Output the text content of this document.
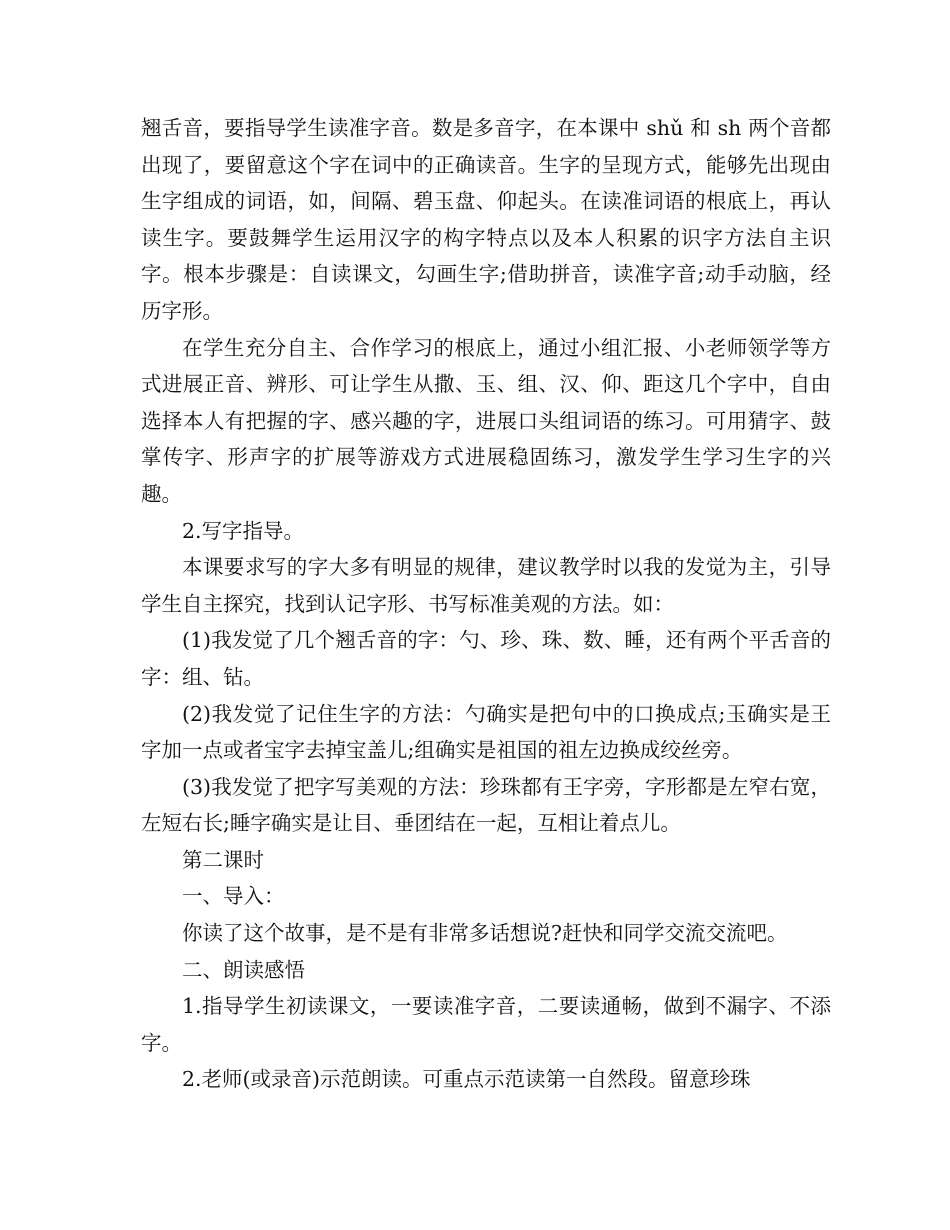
翘舌音，要指导学生读准字音。数是多音字，在本课中 shǔ 和 sh 两个音都出现了，要留意这个字在词中的正确读音。生字的呈现方式，能够先出现由生字组成的词语，如，间隔、碧玉盘、仰起头。在读准词语的根底上，再认读生字。要鼓舞学生运用汉字的构字特点以及本人积累的识字方法自主识字。根本步骤是：自读课文，勾画生字;借助拼音，读准字音;动手动脑，经历字形。

在学生充分自主、合作学习的根底上，通过小组汇报、小老师领学等方式进展正音、辨形、可让学生从撒、玉、组、汉、仰、距这几个字中，自由选择本人有把握的字、感兴趣的字，进展口头组词语的练习。可用猜字、鼓掌传字、形声字的扩展等游戏方式进展稳固练习，激发学生学习生字的兴趣。

2.写字指导。

本课要求写的字大多有明显的规律，建议教学时以我的发觉为主，引导学生自主探究，找到认记字形、书写标准美观的方法。如：

(1)我发觉了几个翘舌音的字：勺、珍、珠、数、睡，还有两个平舌音的字：组、钻。

(2)我发觉了记住生字的方法：勺确实是把句中的口换成点;玉确实是王字加一点或者宝字去掉宝盖儿;组确实是祖国的祖左边换成绞丝旁。

(3)我发觉了把字写美观的方法：珍珠都有王字旁，字形都是左窄右宽，左短右长;睡字确实是让目、垂团结在一起，互相让着点儿。

第二课时

一、导入：

你读了这个故事，是不是有非常多话想说?赶快和同学交流交流吧。

二、朗读感悟

1.指导学生初读课文，一要读准字音，二要读通畅，做到不漏字、不添字。

2.老师(或录音)示范朗读。可重点示范读第一自然段。留意珍珠
